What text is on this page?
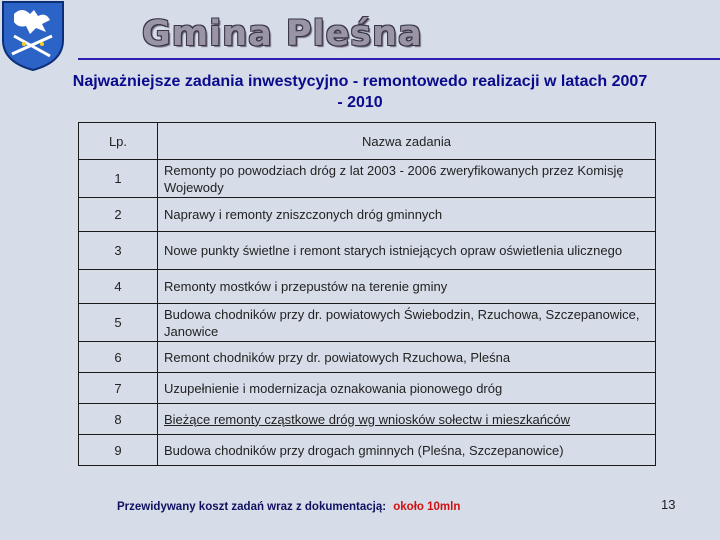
Gmina Pleśna
Najważniejsze zadania inwestycyjno - remontowedo realizacji w latach 2007 - 2010
Lp.	Nazwa zadania
1	Remonty po powodziach dróg z lat 2003 - 2006 zweryfikowanych przez Komisję Wojewody
2	Naprawy i remonty zniszczonych dróg gminnych
3	Nowe punkty świetlne i remont starych istniejących opraw oświetlenia ulicznego
4	Remonty mostków i przepustów na terenie gminy
5	Budowa chodników przy dr. powiatowych Świebodzin, Rzuchowa, Szczepanowice, Janowice
6	Remont chodników przy dr. powiatowych Rzuchowa, Pleśna
7	Uzupełnienie i modernizacja oznakowania pionowego dróg
8	Bieżące remonty cząstkowe dróg wg wniosków sołectw i mieszkańców
9	Budowa chodników przy drogach gminnych (Pleśna, Szczepanowice)
Przewidywany koszt zadań wraz z dokumentacją: około 10mln	13
